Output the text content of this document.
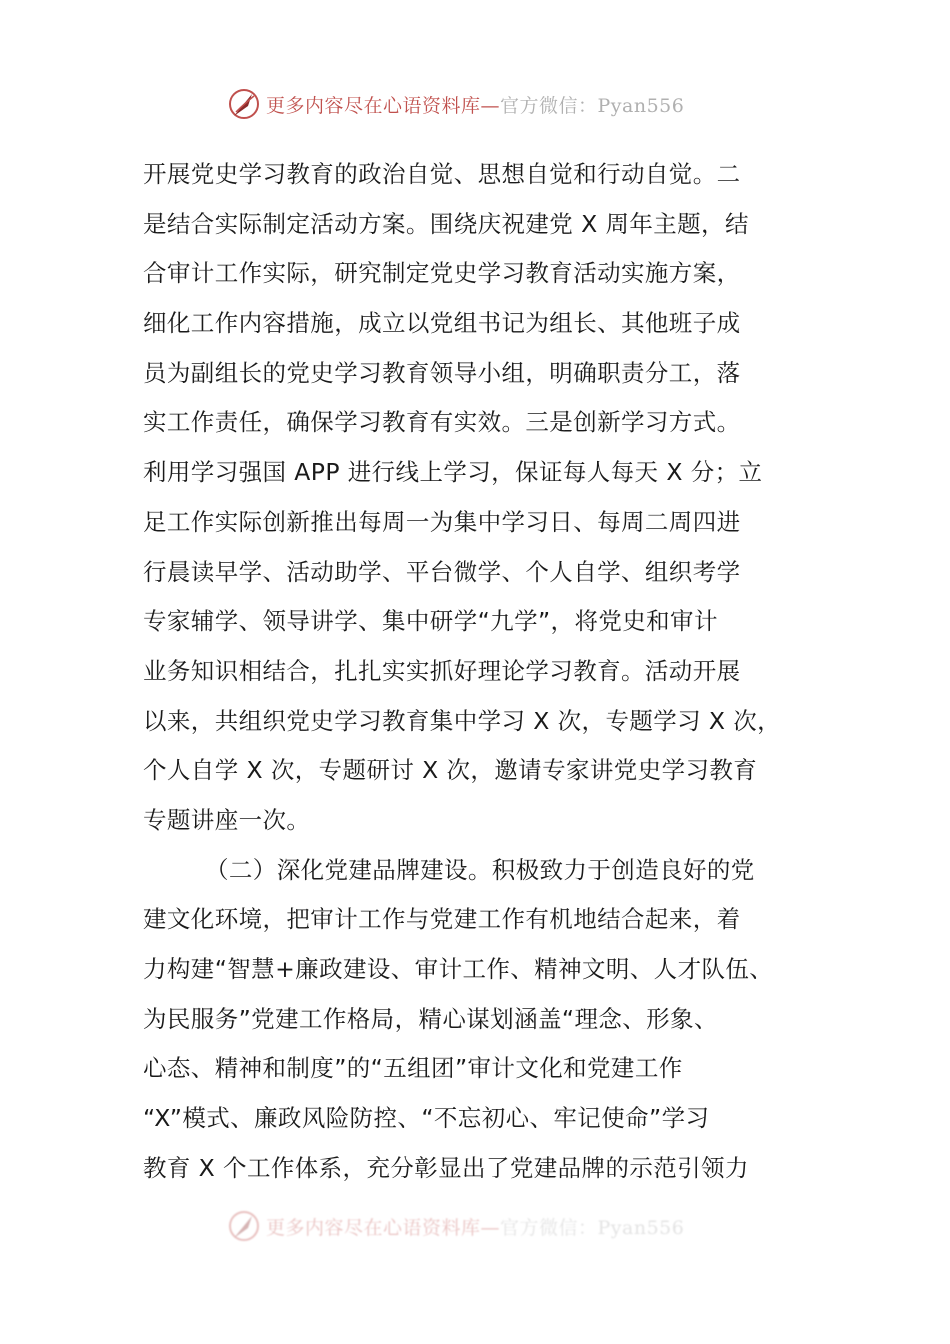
更多内容尽在心语资料库—官方微信：Pyan556
开展党史学习教育的政治自觉、思想自觉和行动自觉。二
是结合实际制定活动方案。围绕庆祝建党 X 周年主题，结
合审计工作实际，研究制定党史学习教育活动实施方案，
细化工作内容措施，成立以党组书记为组长、其他班子成
员为副组长的党史学习教育领导小组，明确职责分工，落
实工作责任，确保学习教育有实效。三是创新学习方式。
利用学习强国 APP 进行线上学习，保证每人每天 X 分；立
足工作实际创新推出每周一为集中学习日、每周二周四进
行晨读早学、活动助学、平台微学、个人自学、组织考学
专家辅学、领导讲学、集中研学“九学”，将党史和审计
业务知识相结合，扎扎实实抓好理论学习教育。活动开展
以来，共组织党史学习教育集中学习 X 次，专题学习 X 次，
个人自学 X 次，专题研讨 X 次，邀请专家讲党史学习教育
专题讲座一次。
（二）深化党建品牌建设。积极致力于创造良好的党
建文化环境，把审计工作与党建工作有机地结合起来，着
力构建“智慧+廉政建设、审计工作、精神文明、人才队伍、
为民服务”党建工作格局，精心谋划涵盖“理念、形象、
心态、精神和制度”的“五组团”审计文化和党建工作
“X”模式、廉政风险防控、“不忘初心、牢记使命”学习
教育 X 个工作体系，充分彰显出了党建品牌的示范引领力
更多内容尽在心语资料库—官方微信：Pyan556
